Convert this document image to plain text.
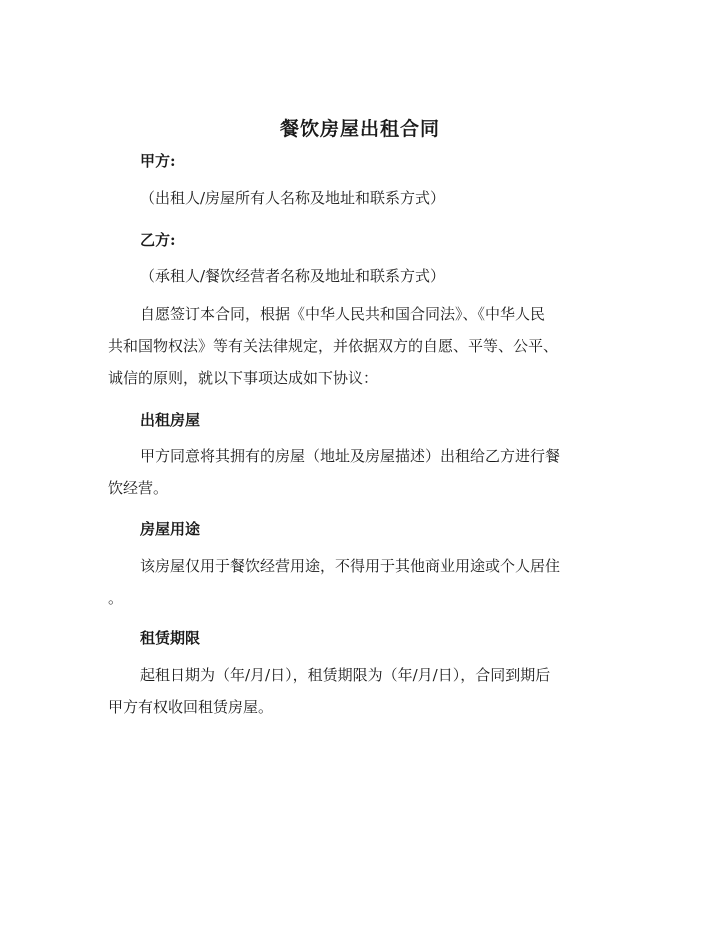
餐饮房屋出租合同
甲方:

（出租人/房屋所有人名称及地址和联系方式）

乙方:

（承租人/餐饮经营者名称及地址和联系方式）

自愿签订本合同，根据《中华人民共和国合同法》、《中华人民
共和国物权法》等有关法律规定，并依据双方的自愿、平等、公平、
诚信的原则，就以下事项达成如下协议：

出租房屋

甲方同意将其拥有的房屋（地址及房屋描述）出租给乙方进行餐
饮经营。

房屋用途

该房屋仅用于餐饮经营用途，不得用于其他商业用途或个人居住
。

租赁期限

起租日期为（年/月/日），租赁期限为（年/月/日），合同到期后
甲方有权收回租赁房屋。
